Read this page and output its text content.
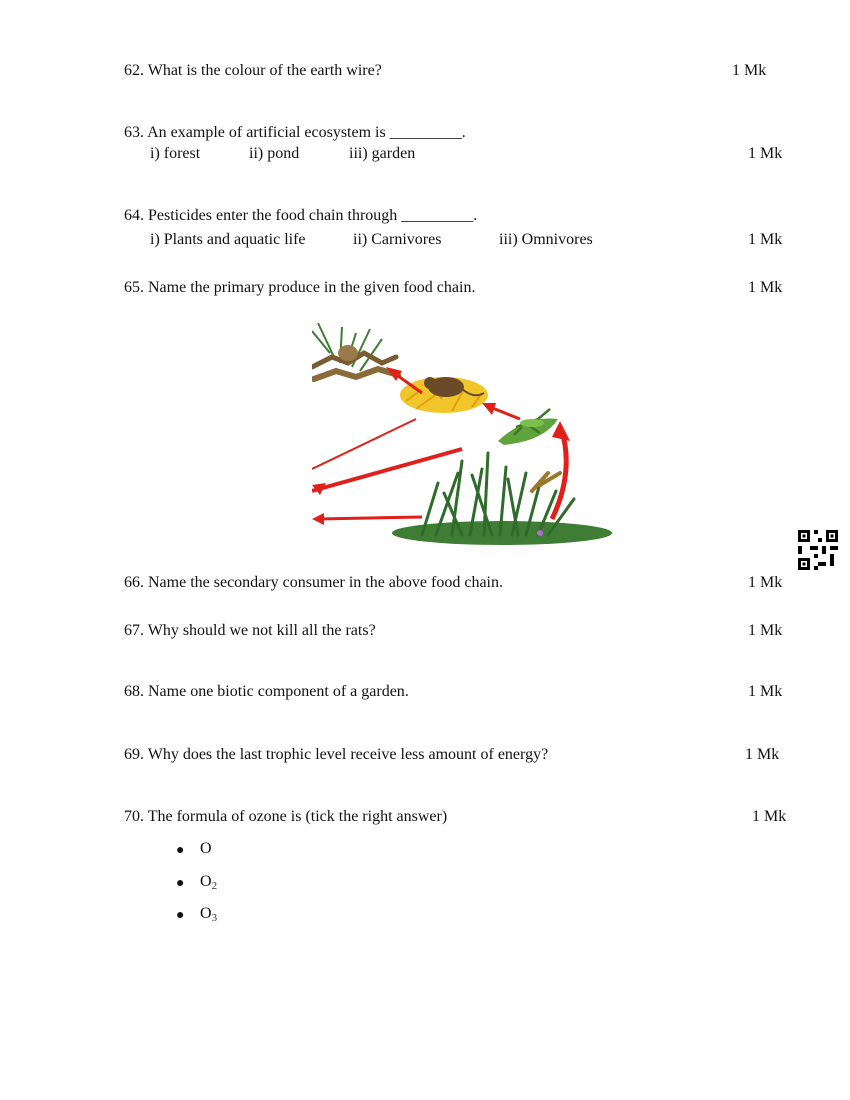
62. What is the colour of the earth wire?	1 Mk
63. An example of artificial ecosystem is _________.
i) forest	ii) pond	iii) garden	1 Mk
64. Pesticides enter the food chain through _________.
i) Plants and aquatic life	ii) Carnivores	iii) Omnivores	1 Mk
65. Name the primary produce in the given food chain.	1 Mk
66. Name the secondary consumer in the above food chain.	1 Mk
67. Why should we not kill all the rats?	1 Mk
68. Name one biotic component of a garden.	1 Mk
69. Why does the last trophic level receive less amount of energy?	1 Mk
70. The formula of ozone is (tick the right answer)	1 Mk
● O
● $O_2$
● $O_3$
